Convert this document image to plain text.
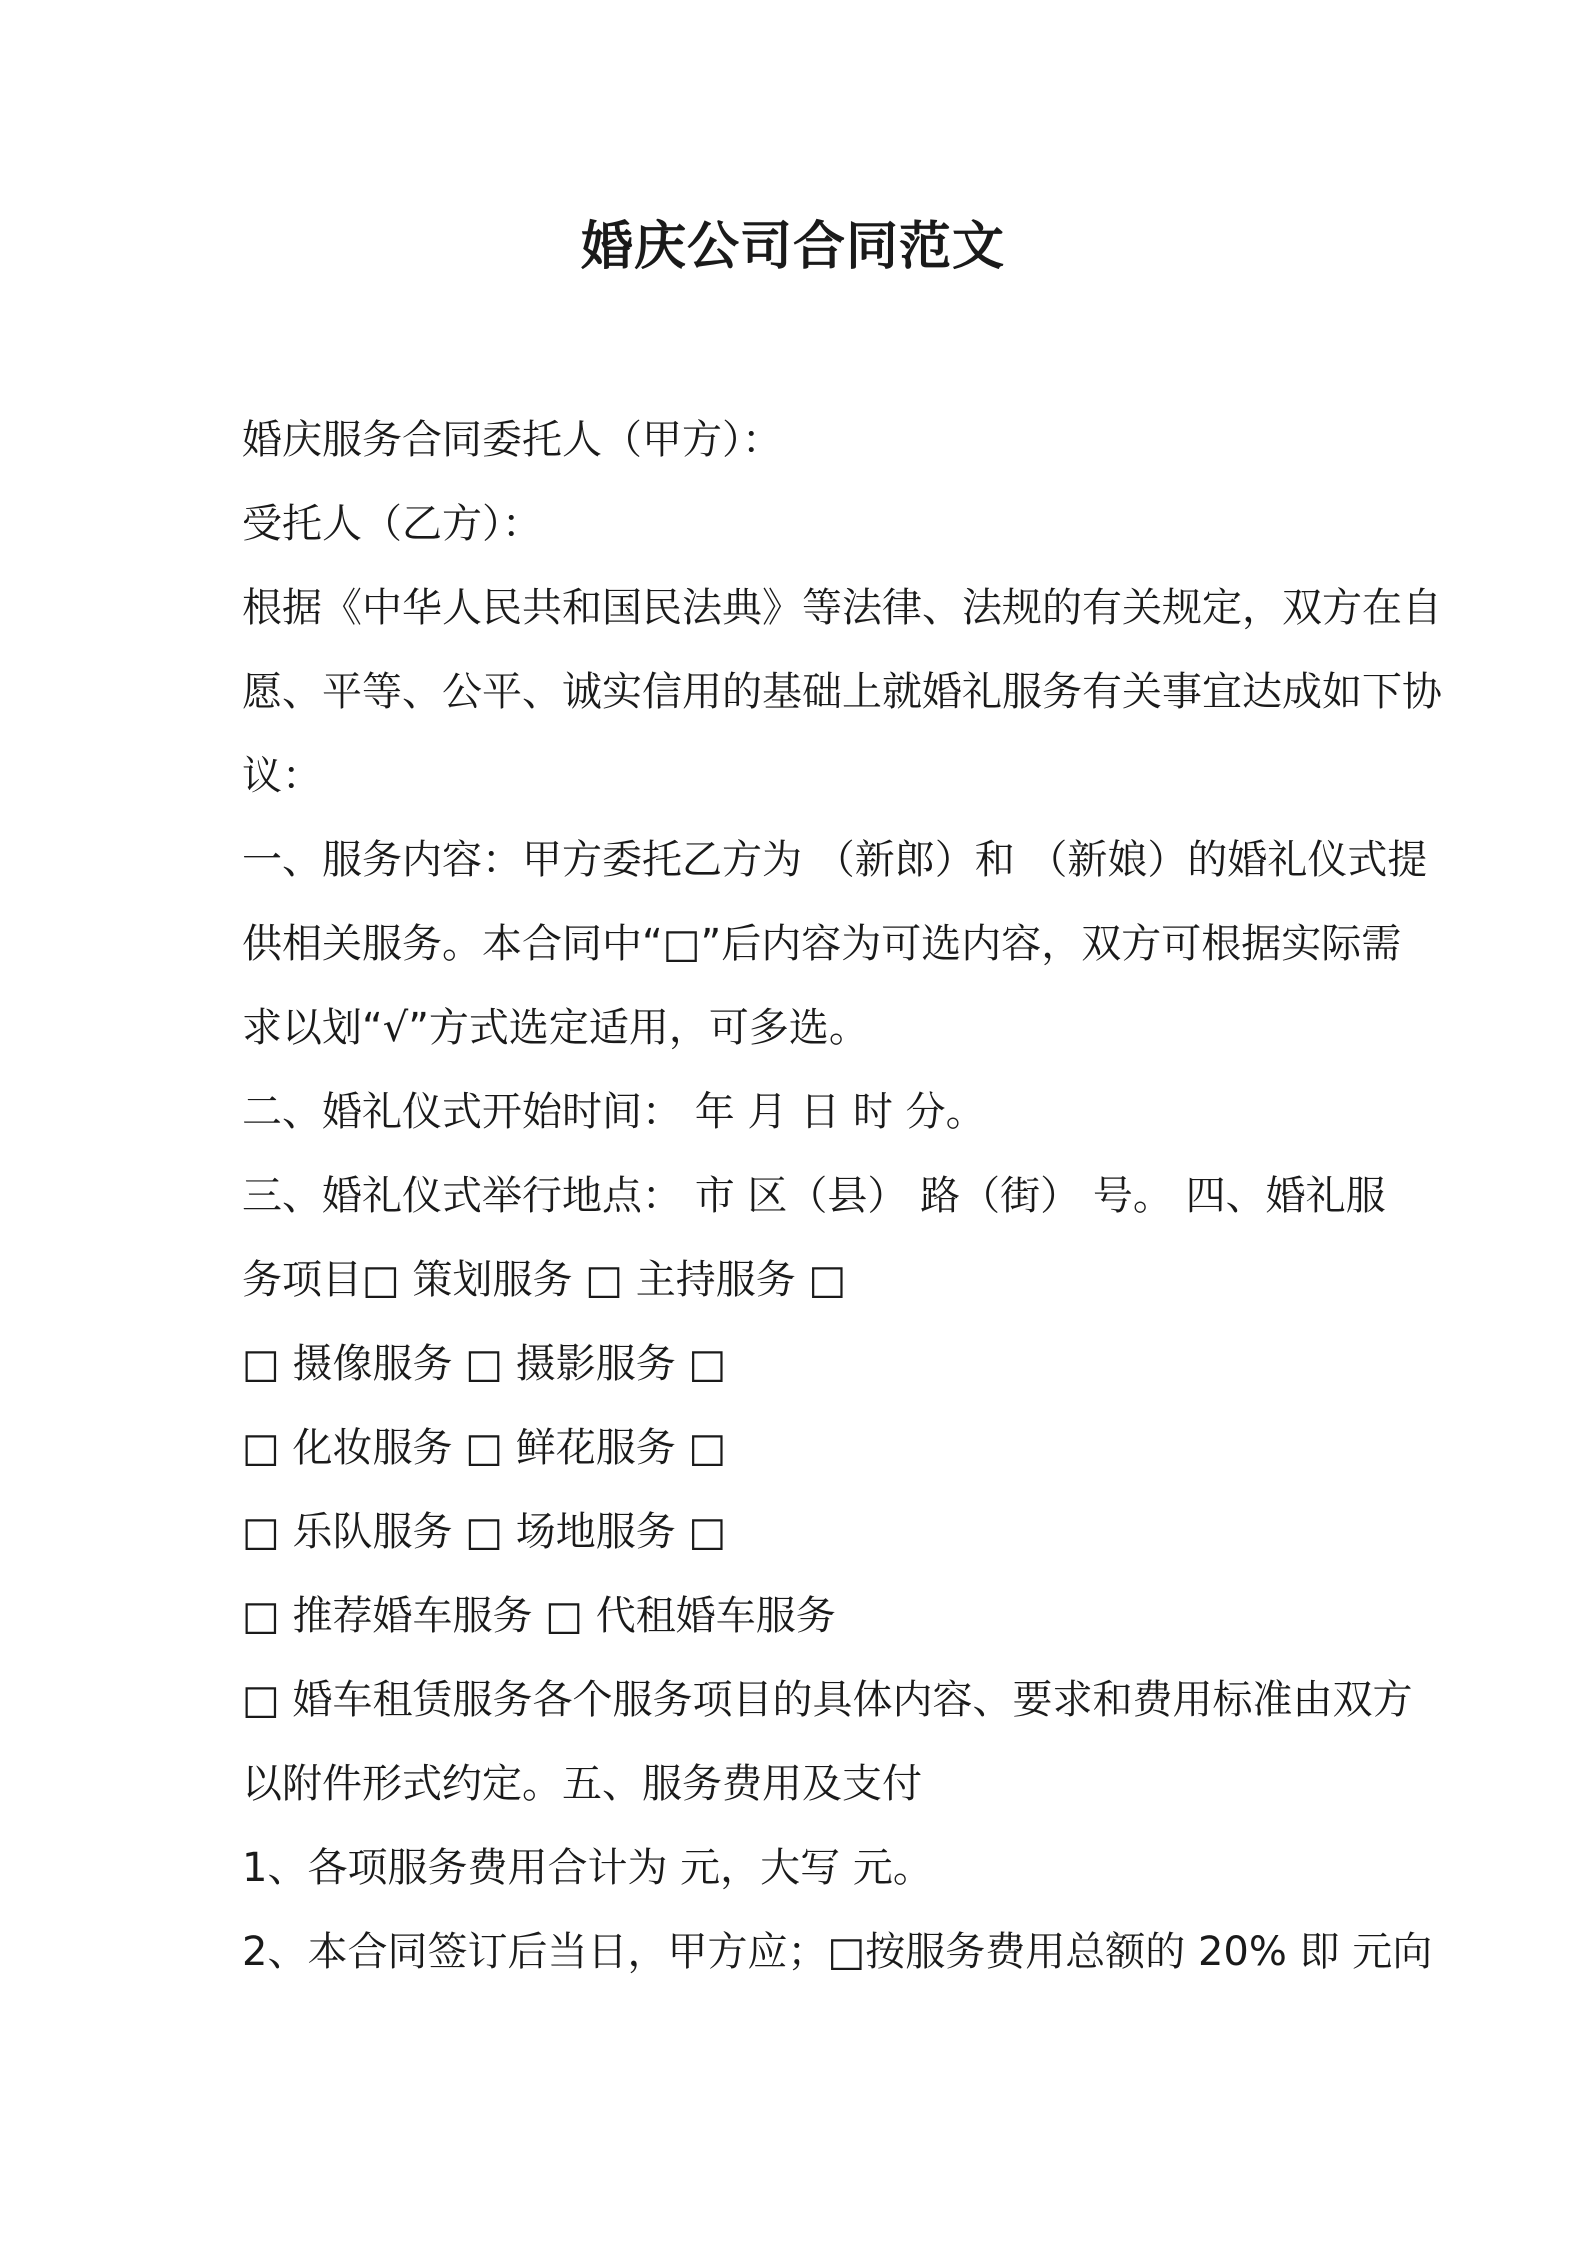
婚庆公司合同范文

婚庆服务合同委托人（甲方）：

受托人（乙方）：

根据《中华人民共和国民法典》等法律、法规的有关规定，双方在自

愿、平等、公平、诚实信用的基础上就婚礼服务有关事宜达成如下协

议：

一、服务内容：甲方委托乙方为 （新郎）和 （新娘）的婚礼仪式提

供相关服务。本合同中“□”后内容为可选内容，双方可根据实际需

求以划“√”方式选定适用，可多选。

二、婚礼仪式开始时间： 年 月 日 时 分。

三、婚礼仪式举行地点： 市 区（县） 路（街） 号。 四、婚礼服

务项目□ 策划服务 □ 主持服务 □

□ 摄像服务 □ 摄影服务 □

□ 化妆服务 □ 鲜花服务 □

□ 乐队服务 □ 场地服务 □

□ 推荐婚车服务 □ 代租婚车服务

□ 婚车租赁服务各个服务项目的具体内容、要求和费用标准由双方

以附件形式约定。五、服务费用及支付

1、各项服务费用合计为 元，大写 元。

2、本合同签订后当日，甲方应；□按服务费用总额的 20% 即 元向
